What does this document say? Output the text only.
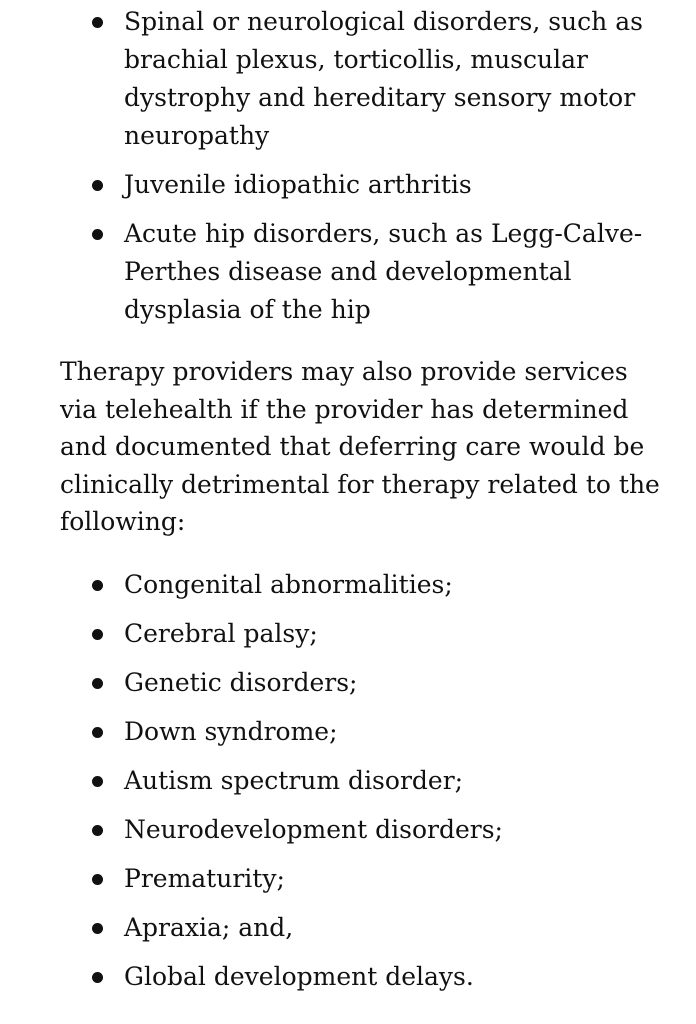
Spinal or neurological disorders, such as brachial plexus, torticollis, muscular dystrophy and hereditary sensory motor neuropathy
Juvenile idiopathic arthritis
Acute hip disorders, such as Legg-Calve-Perthes disease and developmental dysplasia of the hip

Therapy providers may also provide services via telehealth if the provider has determined and documented that deferring care would be clinically detrimental for therapy related to the following:

Congenital abnormalities;
Cerebral palsy;
Genetic disorders;
Down syndrome;
Autism spectrum disorder;
Neurodevelopment disorders;
Prematurity;
Apraxia; and,
Global development delays.
